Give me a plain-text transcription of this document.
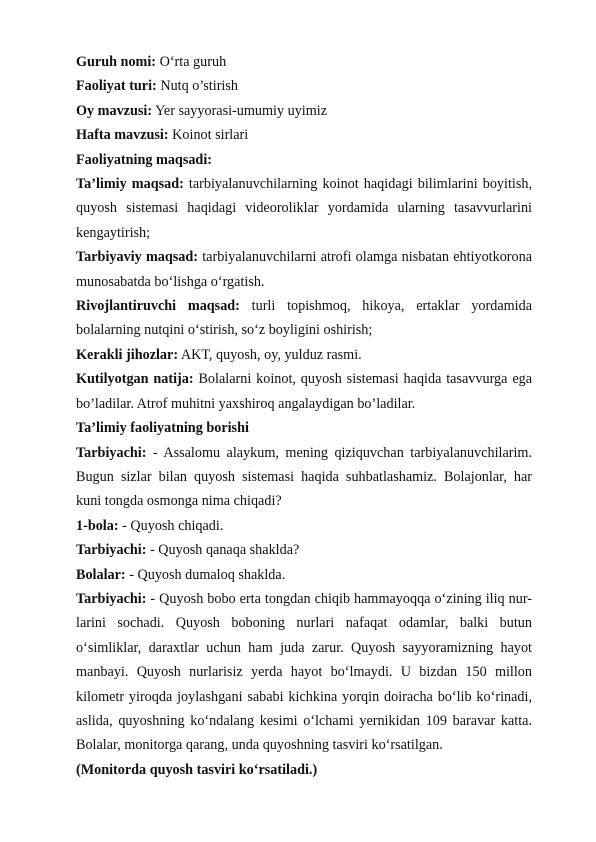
Guruh nomi: O‘rta guruh

Faoliyat turi: Nutq o’stirish

Oy mavzusi: Yer sayyorasi-umumiy uyimiz

Hafta mavzusi: Koinot sirlari

Faoliyatning maqsadi:

Ta’limiy maqsad: tarbiyalanuvchilarning koinot haqidagi bilimlarini boyitish, quyosh sistemasi haqidagi videoroliklar yordamida ularning tasavvurlarini kengaytirish;

Tarbiyaviy maqsad: tarbiyalanuvchilarni atrofi olamga nisbatan ehtiyotkorona munosabatda bo‘lishga o‘rgatish.

Rivojlantiruvchi maqsad: turli topishmoq, hikoya, ertaklar yordamida bolalarning nutqini o‘stirish, so‘z boyligini oshirish;

Kerakli jihozlar: AKT, quyosh, oy, yulduz rasmi.

Kutilyotgan natija: Bolalarni koinot, quyosh sistemasi haqida tasavvurga ega bo’ladilar. Atrof muhitni yaxshiroq angalaydigan bo’ladilar.

Ta’limiy faoliyatning borishi

Tarbiyachi: - Assalomu alaykum, mening qiziquvchan tarbiyalanuvchilarim. Bugun sizlar bilan quyosh sistemasi haqida suhbatlashamiz. Bolajonlar, har kuni tongda osmonga nima chiqadi?

1-bola: - Quyosh chiqadi.

Tarbiyachi: - Quyosh qanaqa shaklda?

Bolalar: - Quyosh dumaloq shaklda.

Tarbiyachi: - Quyosh bobo erta tongdan chiqib hammayoqqa o‘zining iliq nur-larini sochadi. Quyosh boboning nurlari nafaqat odamlar, balki butun o‘simliklar, daraxtlar uchun ham juda zarur. Quyosh sayyoramizning hayot manbayi. Quyosh nurlarisiz yerda hayot bo‘lmaydi. U bizdan 150 millon kilometr yiroqda joylashgani sababi kichkina yorqin doiracha bo‘lib ko‘rinadi, aslida, quyoshning ko‘ndalang kesimi o‘lchami yernikidan 109 baravar katta. Bolalar, monitorga qarang, unda quyoshning tasviri ko‘rsatilgan.

(Monitorda quyosh tasviri ko‘rsatiladi.)
